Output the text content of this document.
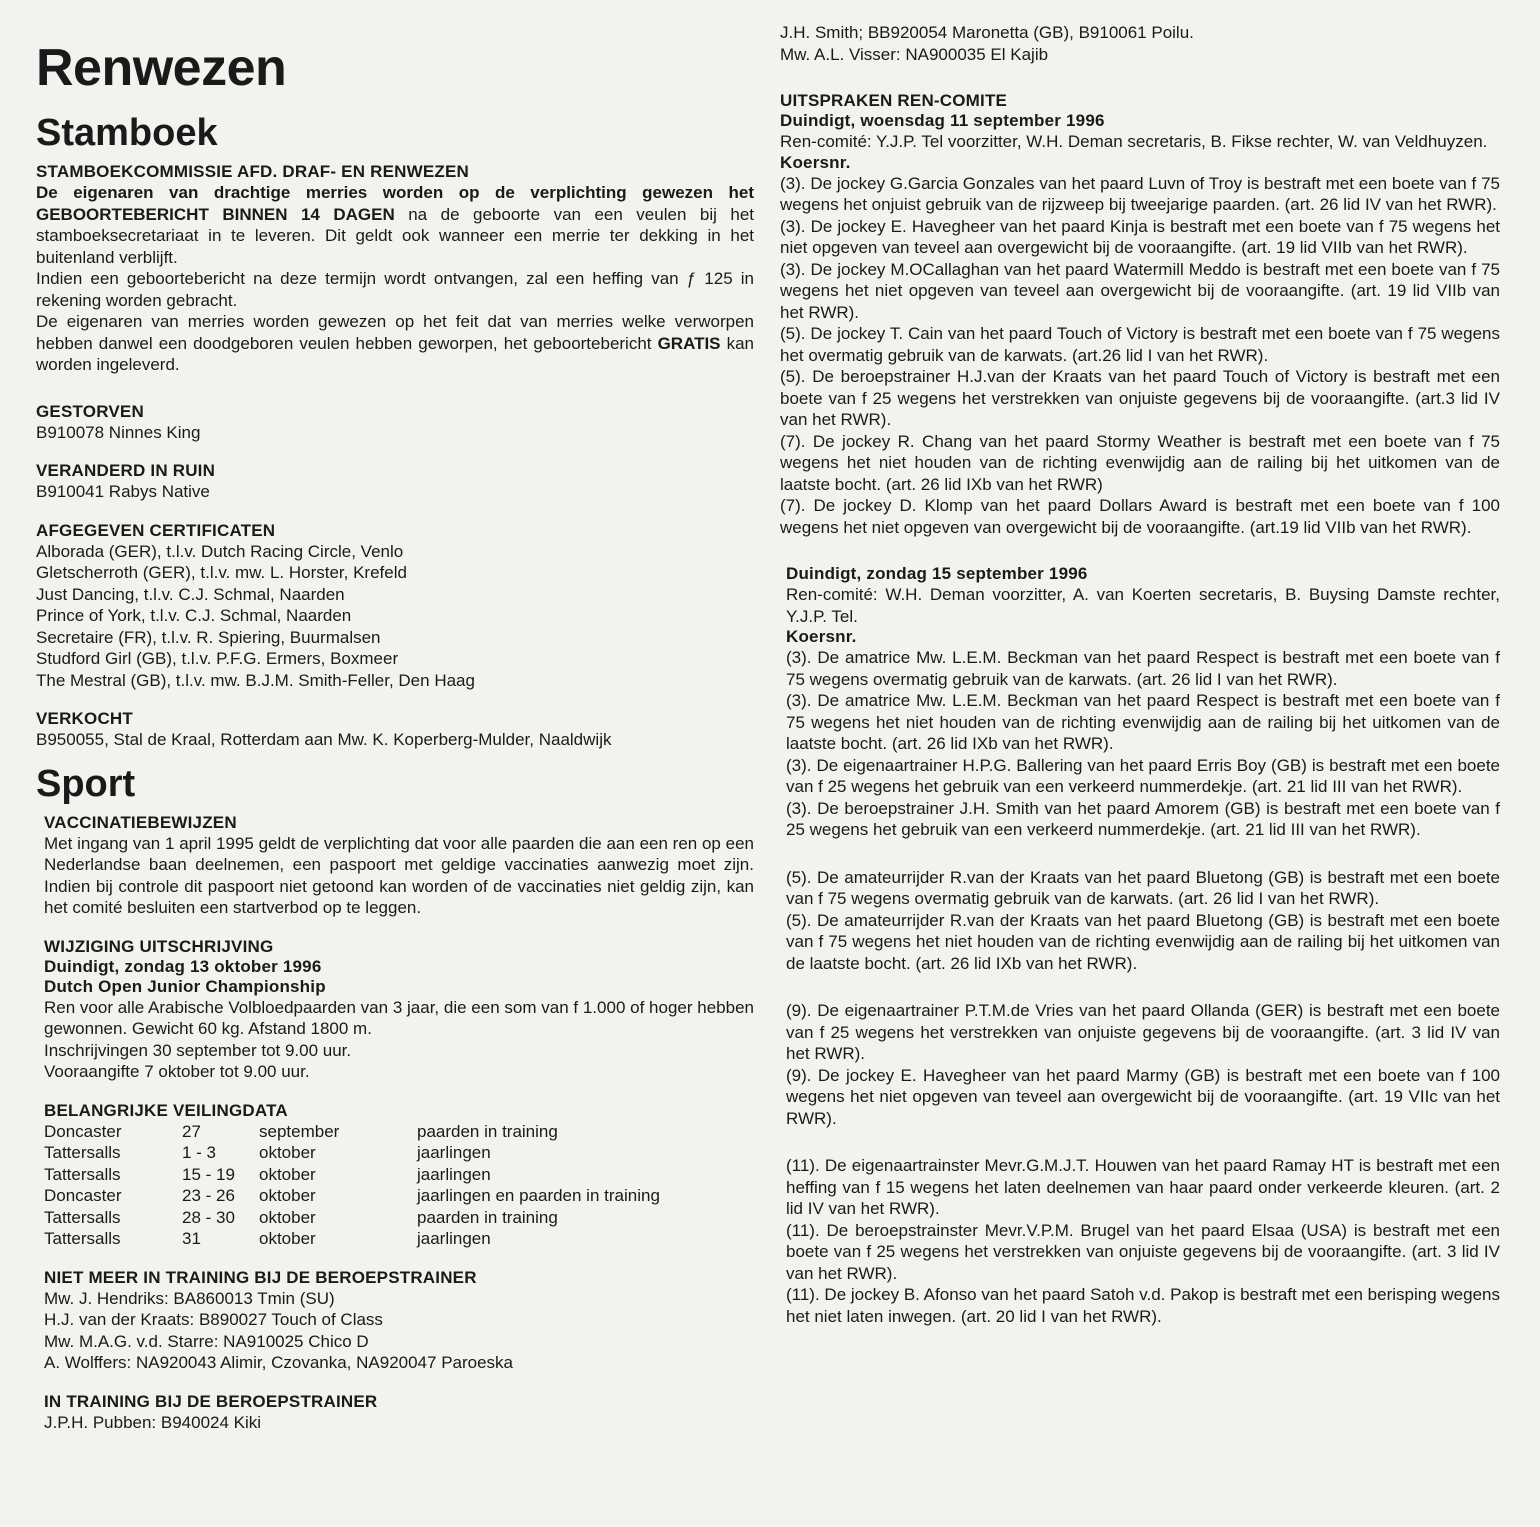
Renwezen
Stamboek

STAMBOEKCOMMISSIE AFD. DRAF- EN RENWEZEN

De eigenaren van drachtige merries worden op de verplichting gewezen het GEBOORTEBERICHT BINNEN 14 DAGEN na de geboorte van een veulen bij het stamboeksecretariaat in te leveren. Dit geldt ook wanneer een merrie ter dekking in het buitenland verblijft.

Indien een geboortebericht na deze termijn wordt ontvangen, zal een heffing van ƒ 125 in rekening worden gebracht.

De eigenaren van merries worden gewezen op het feit dat van merries welke verworpen hebben danwel een doodgeboren veulen hebben geworpen, het geboortebericht GRATIS kan worden ingeleverd.

GESTORVEN

B910078 Ninnes King

VERANDERD IN RUIN

B910041 Rabys Native

AFGEGEVEN CERTIFICATEN

Alborada (GER), t.l.v. Dutch Racing Circle, Venlo

Gletscherroth (GER), t.l.v. mw. L. Horster, Krefeld

Just Dancing, t.l.v. C.J. Schmal, Naarden

Prince of York, t.l.v. C.J. Schmal, Naarden

Secretaire (FR), t.l.v. R. Spiering, Buurmalsen

Studford Girl (GB), t.l.v. P.F.G. Ermers, Boxmeer

The Mestral (GB), t.l.v. mw. B.J.M. Smith-Feller, Den Haag

VERKOCHT

B950055, Stal de Kraal, Rotterdam aan Mw. K. Koperberg-Mulder, Naaldwijk

Sport

VACCINATIEBEWIJZEN

Met ingang van 1 april 1995 geldt de verplichting dat voor alle paarden die aan een ren op een Nederlandse baan deelnemen, een paspoort met geldige vaccinaties aanwezig moet zijn. Indien bij controle dit paspoort niet getoond kan worden of de vaccinaties niet geldig zijn, kan het comité besluiten een startverbod op te leggen.

WIJZIGING UITSCHRIJVING

Duindigt, zondag 13 oktober 1996

Dutch Open Junior Championship

Ren voor alle Arabische Volbloedpaarden van 3 jaar, die een som van f 1.000 of hoger hebben gewonnen. Gewicht 60 kg. Afstand 1800 m.

Inschrijvingen 30 september tot 9.00 uur.

Vooraangifte 7 oktober tot 9.00 uur.

BELANGRIJKE VEILINGDATA

Doncaster	27	september	paarden in training
Tattersalls	1 - 3	oktober	jaarlingen
Tattersalls	15 - 19	oktober	jaarlingen
Doncaster	23 - 26	oktober	jaarlingen en paarden in training
Tattersalls	28 - 30	oktober	paarden in training
Tattersalls	31	oktober	jaarlingen

NIET MEER IN TRAINING BIJ DE BEROEPSTRAINER

Mw. J. Hendriks: BA860013 Tmin (SU)

H.J. van der Kraats: B890027 Touch of Class

Mw. M.A.G. v.d. Starre: NA910025 Chico D

A. Wolffers: NA920043 Alimir, Czovanka, NA920047 Paroeska

IN TRAINING BIJ DE BEROEPSTRAINER

J.P.H. Pubben: B940024 Kiki

J.H. Smith; BB920054 Maronetta (GB), B910061 Poilu.

Mw. A.L. Visser: NA900035 El Kajib

UITSPRAKEN REN-COMITE

Duindigt, woensdag 11 september 1996

Ren-comité: Y.J.P. Tel voorzitter, W.H. Deman secretaris, B. Fikse rechter, W. van Veldhuyzen.

Koersnr.

(3). De jockey G.Garcia Gonzales van het paard Luvn of Troy is bestraft met een boete van f 75 wegens het onjuist gebruik van de rijzweep bij tweejarige paarden. (art. 26 lid IV van het RWR).

(3). De jockey E. Havegheer van het paard Kinja is bestraft met een boete van f 75 wegens het niet opgeven van teveel aan overgewicht bij de vooraangifte. (art. 19 lid VIIb van het RWR).

(3). De jockey M.OCallaghan van het paard Watermill Meddo is bestraft met een boete van f 75 wegens het niet opgeven van teveel aan overgewicht bij de vooraangifte. (art. 19 lid VIIb van het RWR).

(5). De jockey T. Cain van het paard Touch of Victory is bestraft met een boete van f 75 wegens het overmatig gebruik van de karwats. (art.26 lid I van het RWR).

(5). De beroepstrainer H.J.van der Kraats van het paard Touch of Victory is bestraft met een boete van f 25 wegens het verstrekken van onjuiste gegevens bij de vooraangifte. (art.3 lid IV van het RWR).

(7). De jockey R. Chang van het paard Stormy Weather is bestraft met een boete van f 75 wegens het niet houden van de richting evenwijdig aan de railing bij het uitkomen van de laatste bocht. (art. 26 lid IXb van het RWR)

(7). De jockey D. Klomp van het paard Dollars Award is bestraft met een boete van f 100 wegens het niet opgeven van overgewicht bij de vooraangifte. (art.19 lid VIIb van het RWR).

Duindigt, zondag 15 september 1996

Ren-comité: W.H. Deman voorzitter, A. van Koerten secretaris, B. Buysing Damste rechter, Y.J.P. Tel.

Koersnr.

(3). De amatrice Mw. L.E.M. Beckman van het paard Respect is bestraft met een boete van f 75 wegens overmatig gebruik van de karwats. (art. 26 lid I van het RWR).

(3). De amatrice Mw. L.E.M. Beckman van het paard Respect is bestraft met een boete van f 75 wegens het niet houden van de richting evenwijdig aan de railing bij het uitkomen van de laatste bocht. (art. 26 lid IXb van het RWR).

(3). De eigenaartrainer H.P.G. Ballering van het paard Erris Boy (GB) is bestraft met een boete van f 25 wegens het gebruik van een verkeerd nummerdekje. (art. 21 lid III van het RWR).

(3). De beroepstrainer J.H. Smith van het paard Amorem (GB) is bestraft met een boete van f 25 wegens het gebruik van een verkeerd nummerdekje. (art. 21 lid III van het RWR).

(5). De amateurrijder R.van der Kraats van het paard Bluetong (GB) is bestraft met een boete van f 75 wegens overmatig gebruik van de karwats. (art. 26 lid I van het RWR).

(5). De amateurrijder R.van der Kraats van het paard Bluetong (GB) is bestraft met een boete van f 75 wegens het niet houden van de richting evenwijdig aan de railing bij het uitkomen van de laatste bocht. (art. 26 lid IXb van het RWR).

(9). De eigenaartrainer P.T.M.de Vries van het paard Ollanda (GER) is bestraft met een boete van f 25 wegens het verstrekken van onjuiste gegevens bij de vooraangifte. (art. 3 lid IV van het RWR).

(9). De jockey E. Havegheer van het paard Marmy (GB) is bestraft met een boete van f 100 wegens het niet opgeven van teveel aan overgewicht bij de vooraangifte. (art. 19 VIIc van het RWR).

(11). De eigenaartrainster Mevr.G.M.J.T. Houwen van het paard Ramay HT is bestraft met een heffing van f 15 wegens het laten deelnemen van haar paard onder verkeerde kleuren. (art. 2 lid IV van het RWR).

(11). De beroepstrainster Mevr.V.P.M. Brugel van het paard Elsaa (USA) is bestraft met een boete van f 25 wegens het verstrekken van onjuiste gegevens bij de vooraangifte. (art. 3 lid IV van het RWR).

(11). De jockey B. Afonso van het paard Satoh v.d. Pakop is bestraft met een berisping wegens het niet laten inwegen. (art. 20 lid I van het RWR).
